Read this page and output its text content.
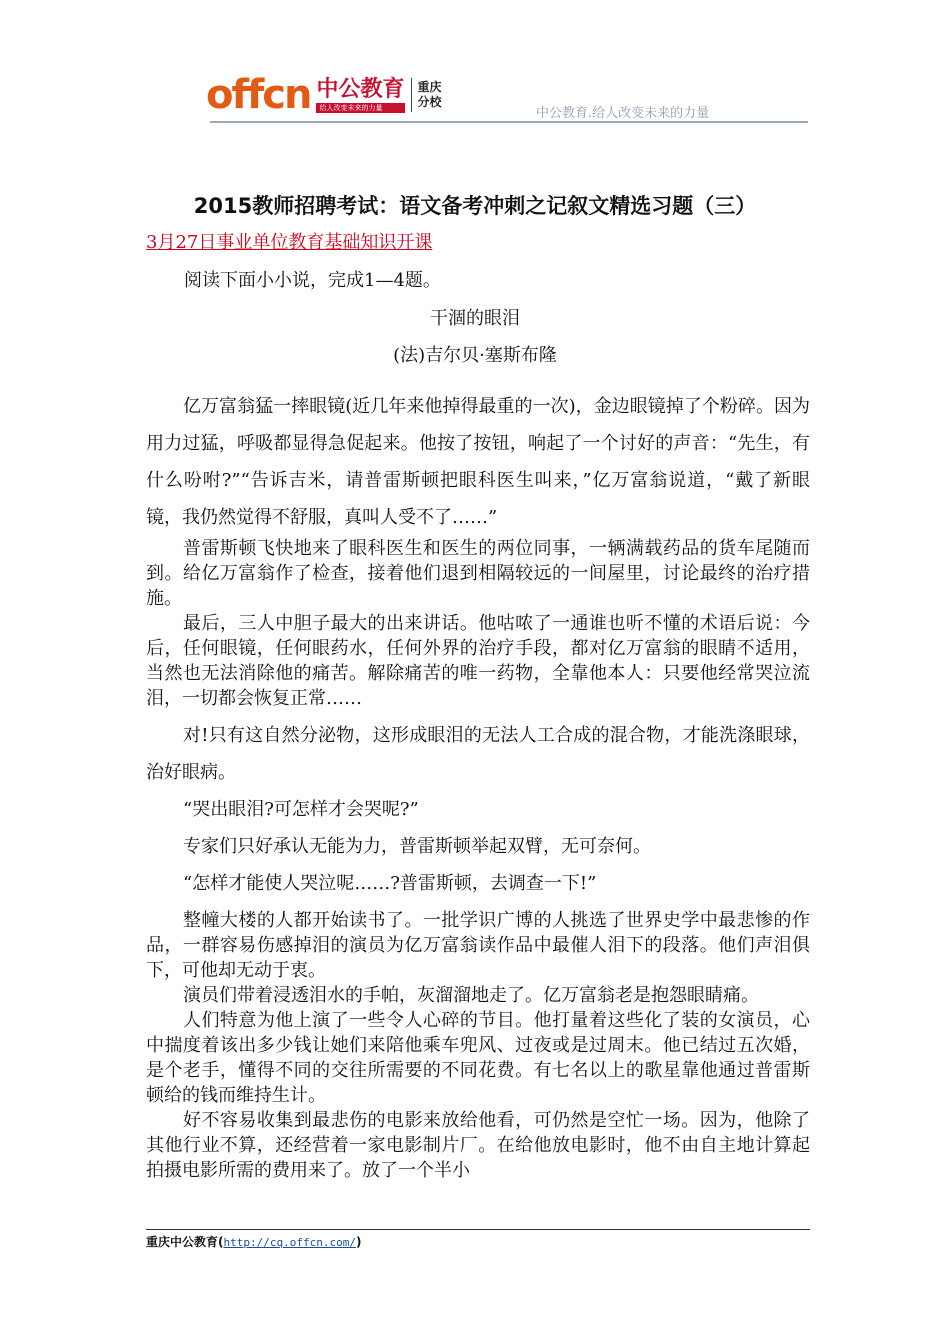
offcn 中公教育
给人改变未来的力量
重庆分校
中公教育.给人改变未来的力量
2015教师招聘考试：语文备考冲刺之记叙文精选习题（三）
3月27日事业单位教育基础知识开课
阅读下面小小说，完成1—4题。
干涸的眼泪
(法)吉尔贝·塞斯布隆

亿万富翁猛一摔眼镜(近几年来他掉得最重的一次)，金边眼镜掉了个粉碎。因为用力过猛，呼吸都显得急促起来。他按了按钮，响起了一个讨好的声音：“先生，有什么吩咐?”“告诉吉米，请普雷斯顿把眼科医生叫来，”亿万富翁说道，“戴了新眼镜，我仍然觉得不舒服，真叫人受不了……”

普雷斯顿飞快地来了眼科医生和医生的两位同事，一辆满载药品的货车尾随而到。给亿万富翁作了检查，接着他们退到相隔较远的一间屋里，讨论最终的治疗措施。

最后，三人中胆子最大的出来讲话。他咕哝了一通谁也听不懂的术语后说：今后，任何眼镜，任何眼药水，任何外界的治疗手段，都对亿万富翁的眼睛不适用，当然也无法消除他的痛苦。解除痛苦的唯一药物，全靠他本人：只要他经常哭泣流泪，一切都会恢复正常……

对!只有这自然分泌物，这形成眼泪的无法人工合成的混合物，才能洗涤眼球，治好眼病。

“哭出眼泪?可怎样才会哭呢?”

专家们只好承认无能为力，普雷斯顿举起双臂，无可奈何。

“怎样才能使人哭泣呢……?普雷斯顿，去调查一下!”

整幢大楼的人都开始读书了。一批学识广博的人挑选了世界史学中最悲惨的作品，一群容易伤感掉泪的演员为亿万富翁读作品中最催人泪下的段落。他们声泪俱下，可他却无动于衷。

演员们带着浸透泪水的手帕，灰溜溜地走了。亿万富翁老是抱怨眼睛痛。

人们特意为他上演了一些令人心碎的节目。他打量着这些化了装的女演员，心中揣度着该出多少钱让她们来陪他乘车兜风、过夜或是过周末。他已结过五次婚，是个老手，懂得不同的交往所需要的不同花费。有七名以上的歌星靠他通过普雷斯顿给的钱而维持生计。

好不容易收集到最悲伤的电影来放给他看，可仍然是空忙一场。因为，他除了其他行业不算，还经营着一家电影制片厂。在给他放电影时，他不由自主地计算起拍摄电影所需的费用来了。放了一个半小

重庆中公教育(http://cq.offcn.com/)
